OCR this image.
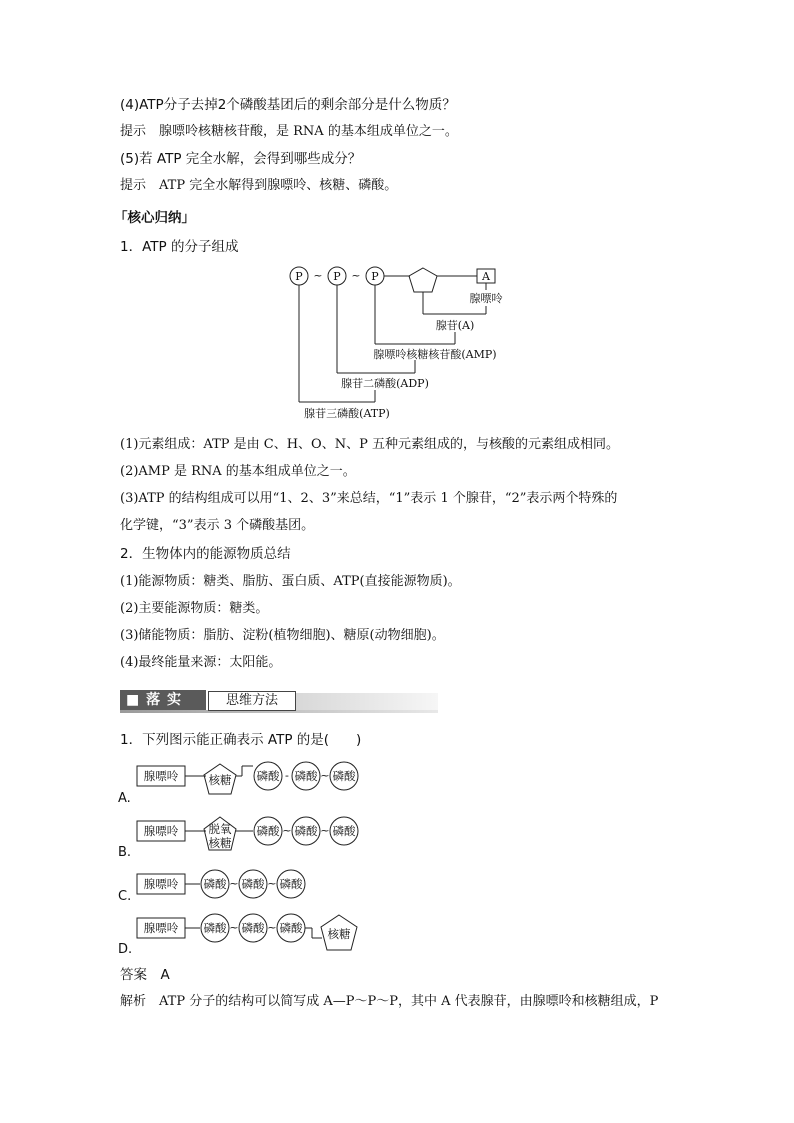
(4)ATP分子去掉2个磷酸基团后的剩余部分是什么物质？
提示　腺嘌呤核糖核苷酸，是 RNA 的基本组成单位之一。
(5)若 ATP 完全水解，会得到哪些成分？
提示　ATP 完全水解得到腺嘌呤、核糖、磷酸。
「核心归纳」
1．ATP 的分子组成
P	P	P
~	~	A
腺嘌呤
腺苷(A)
腺嘌呤核糖核苷酸(AMP)
腺苷二磷酸(ADP)
腺苷三磷酸(ATP)
(1)元素组成：ATP 是由 C、H、O、N、P 五种元素组成的，与核酸的元素组成相同。
(2)AMP 是 RNA 的基本组成单位之一。
(3)ATP 的结构组成可以用“1、2、3”来总结，“1”表示 1 个腺苷，“2”表示两个特殊的
化学键，“3”表示 3 个磷酸基团。
2．生物体内的能源物质总结
(1)能源物质：糖类、脂肪、蛋白质、ATP(直接能源物质)。
(2)主要能源物质：糖类。
(3)储能物质：脂肪、淀粉(植物细胞)、糖原(动物细胞)。
(4)最终能量来源：太阳能。
■ 落 实	思维方法
1．下列图示能正确表示 ATP 的是(　　)
腺嘌呤	核糖 磷酸 磷酸 磷酸
-	~
腺嘌呤	脱氧
核糖
磷酸 磷酸 磷酸
~ ~
腺嘌呤 磷酸 磷酸 磷酸
~ ~
腺嘌呤 磷酸 磷酸 磷酸
~ ~	核糖
A.
B.
C.
D.
答案　A
解析　ATP 分子的结构可以简写成 A—P～P～P，其中 A 代表腺苷，由腺嘌呤和核糖组成，P
